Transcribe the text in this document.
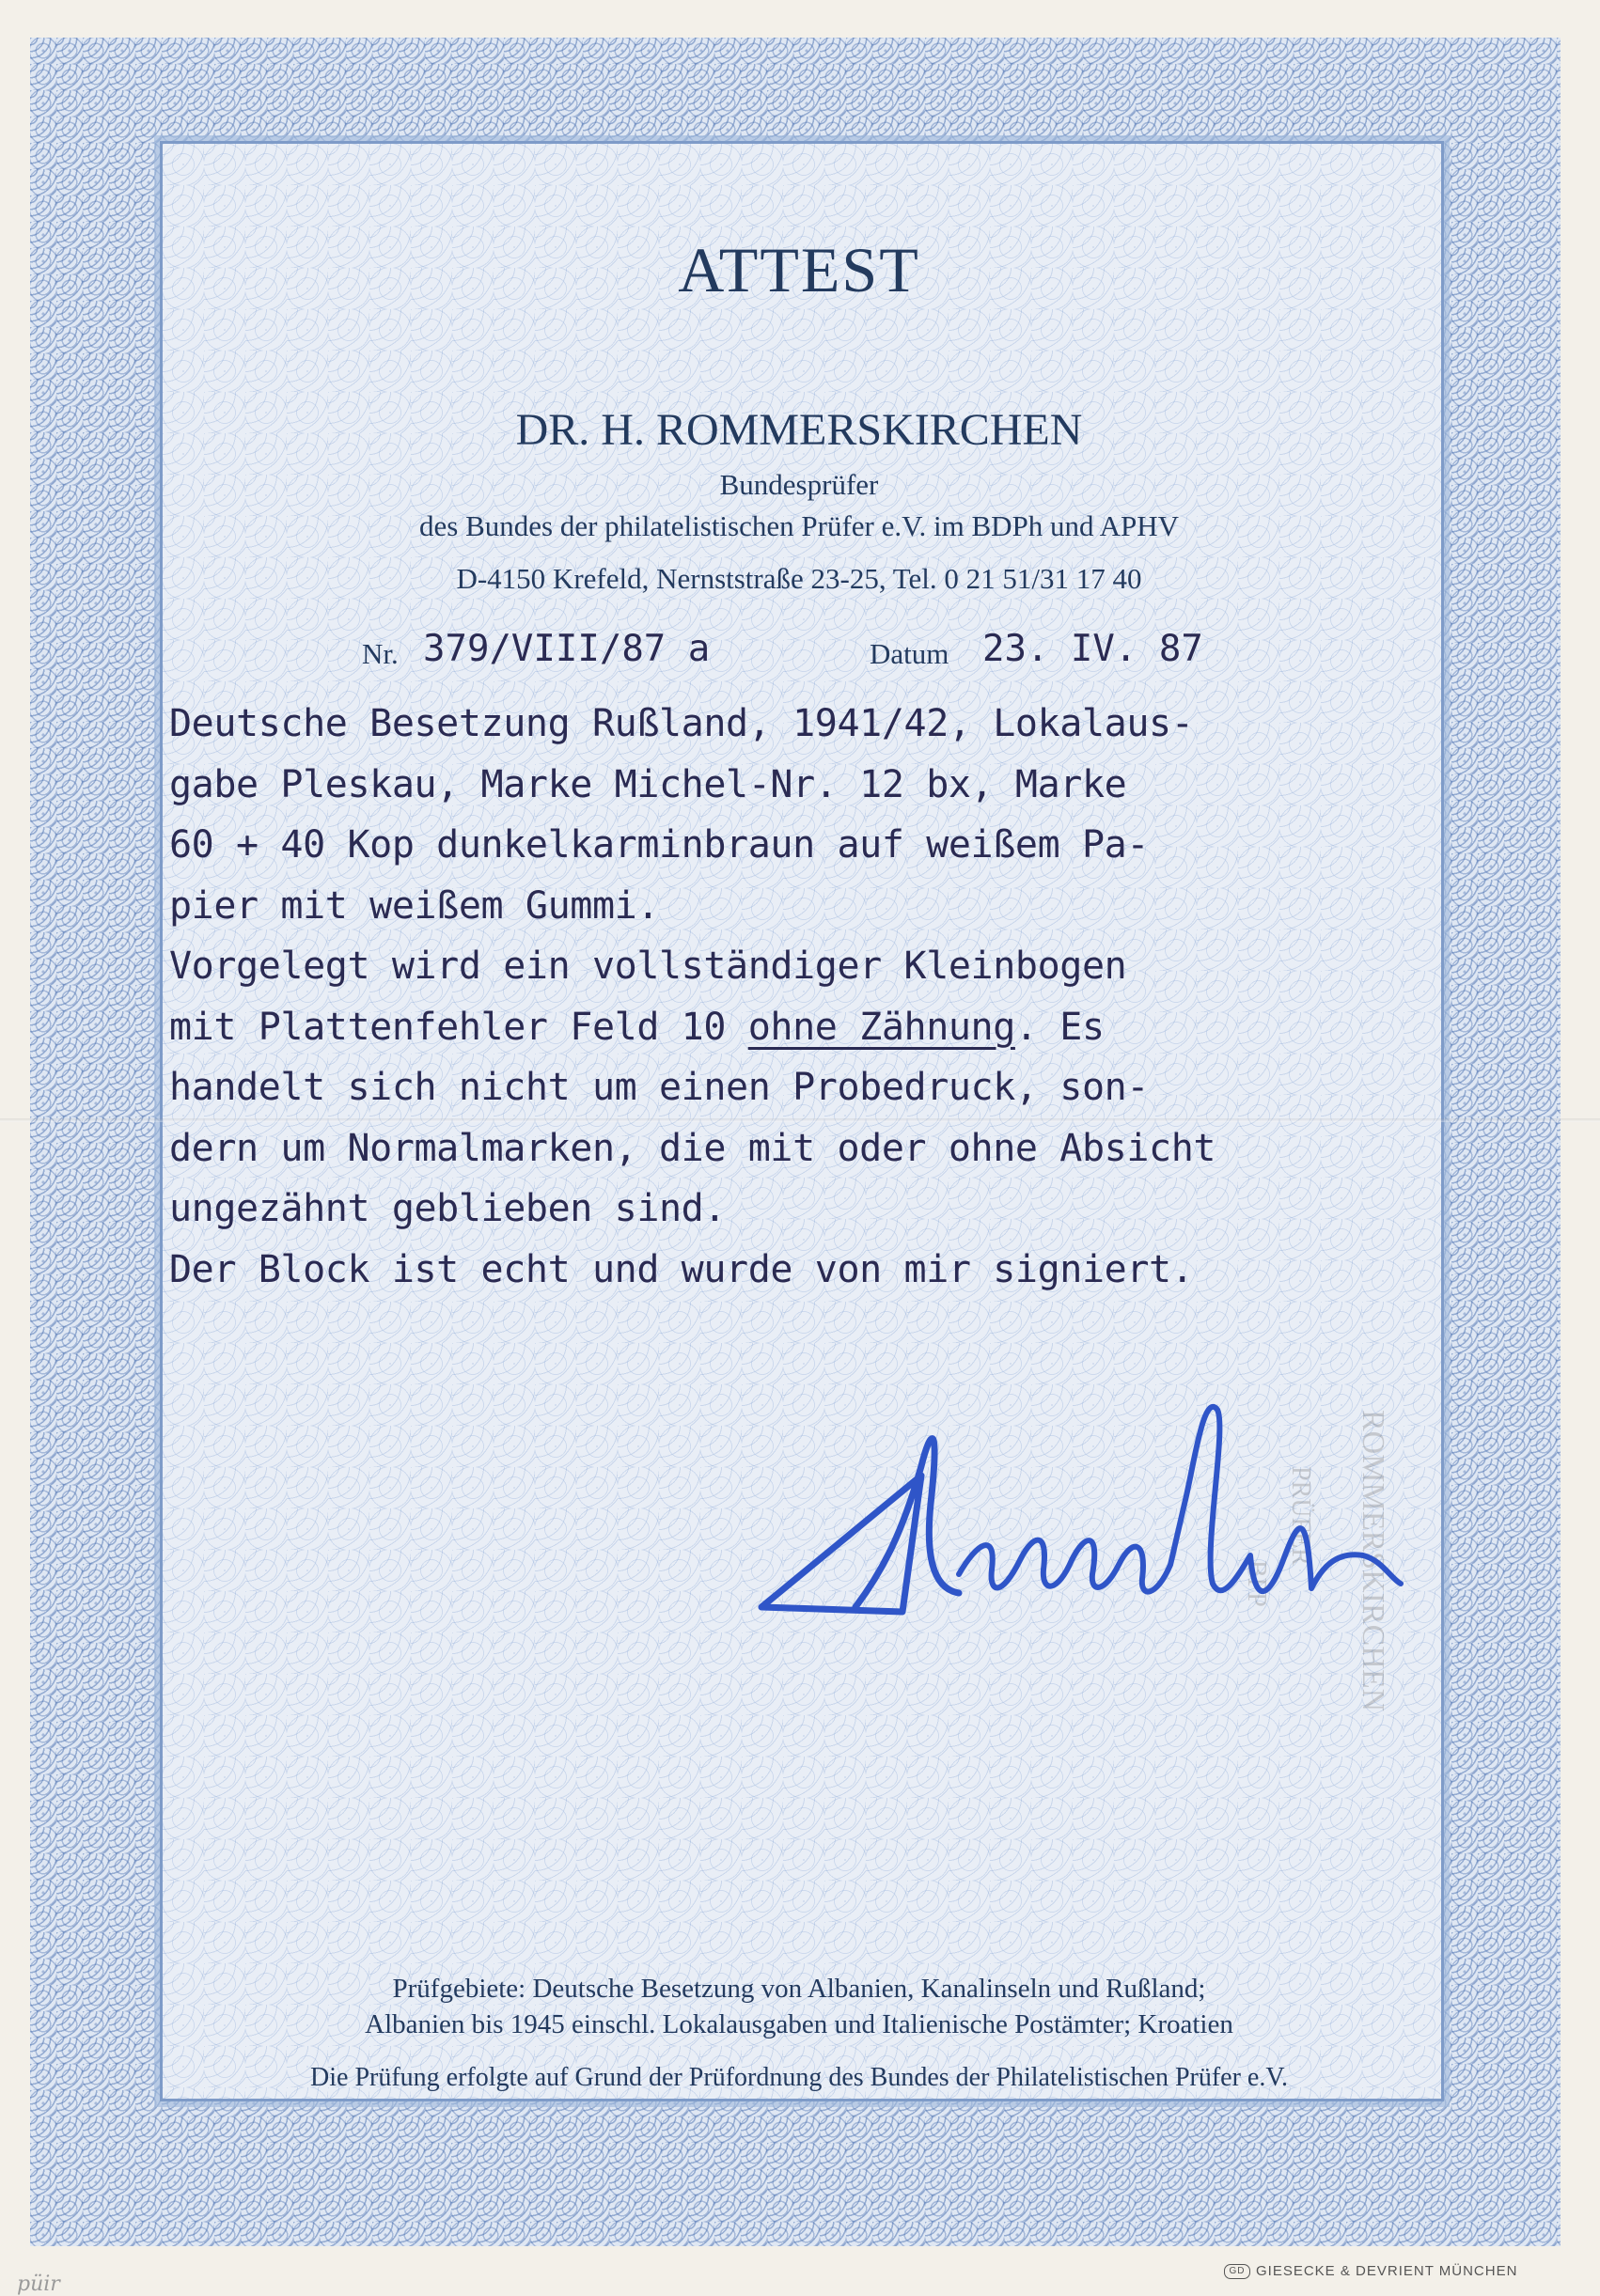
ATTEST
DR. H. ROMMERSKIRCHEN
Bundesprüfer
des Bundes der philatelistischen Prüfer e.V. im BDPh und APHV
D-4150 Krefeld, Nernststraße 23-25, Tel. 0 21 51/31 17 40
Nr. 379/VIII/87 a	Datum 23. IV. 87
Deutsche Besetzung Rußland, 1941/42, Lokalaus-
gabe Pleskau, Marke Michel-Nr. 12 bx, Marke
60 + 40 Kop dunkelkarminbraun auf weißem Pa-
pier mit weißem Gummi.
Vorgelegt wird ein vollständiger Kleinbogen
mit Plattenfehler Feld 10 ohne Zähnung. Es
handelt sich nicht um einen Probedruck, son-
dern um Normalmarken, die mit oder ohne Absicht
ungezähnt geblieben sind.
Der Block ist echt und wurde von mir signiert.
ROMMERSKIRCHEN
PRÜFER
BPP
Prüfgebiete: Deutsche Besetzung von Albanien, Kanalinseln und Rußland;
Albanien bis 1945 einschl. Lokalausgaben und Italienische Postämter; Kroatien
Die Prüfung erfolgte auf Grund der Prüfordnung des Bundes der Philatelistischen Prüfer e.V.
GD GIESECKE & DEVRIENT MÜNCHEN
püir
